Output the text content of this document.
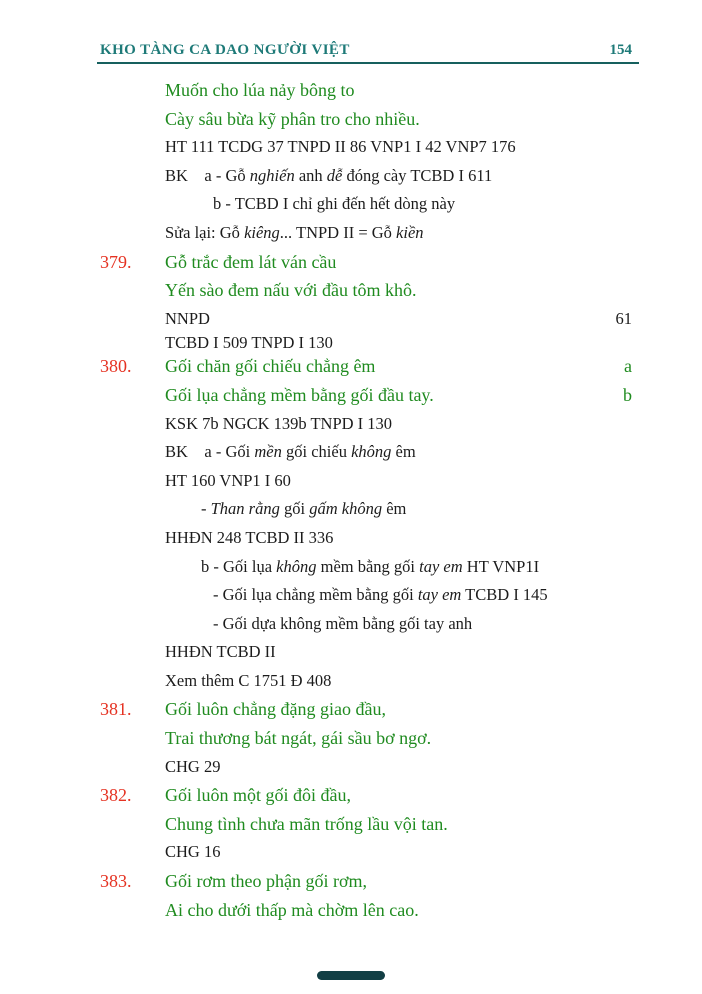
KHO TÀNG CA DAO NGƯỜI VIỆT	154
Muốn cho lúa nảy bông to
Cày sâu bừa kỹ phân tro cho nhiều.
HT 111 TCDG 37 TNPD II 86 VNP1 I 42 VNP7 176
BK    a - Gỗ nghiến anh dễ đóng cày TCBD I 611
b - TCBD I chỉ ghi đến hết dòng này
Sửa lại: Gỗ kiêng... TNPD II = Gỗ kiền
379. Gỗ trắc đem lát ván cầu
Yến sào đem nấu với đầu tôm khô.
NNPD	61
TCBD I 509 TNPD I 130
380. Gối chăn gối chiếu chẳng êm	a
Gối lụa chẳng mềm bằng gối đầu tay.	b
KSK 7b NGCK 139b TNPD I 130
BK    a - Gối mền gối chiếu không êm
HT 160 VNP1 I 60
- Than rằng gối gấm không êm
HHĐN 248 TCBD II 336
b - Gối lụa không mềm bằng gối tay em HT VNP1I
- Gối lụa chẳng mềm bằng gối tay em TCBD I 145
- Gối dựa không mềm bằng gối tay anh
HHĐN TCBD II
Xem thêm C 1751 Đ 408
381. Gối luôn chẳng đặng giao đầu,
Trai thương bát ngát, gái sầu bơ ngơ.
CHG 29
382. Gối luôn một gối đôi đầu,
Chung tình chưa mãn trống lầu vội tan.
CHG 16
383. Gối rơm theo phận gối rơm,
Ai cho dưới thấp mà chờm lên cao.
